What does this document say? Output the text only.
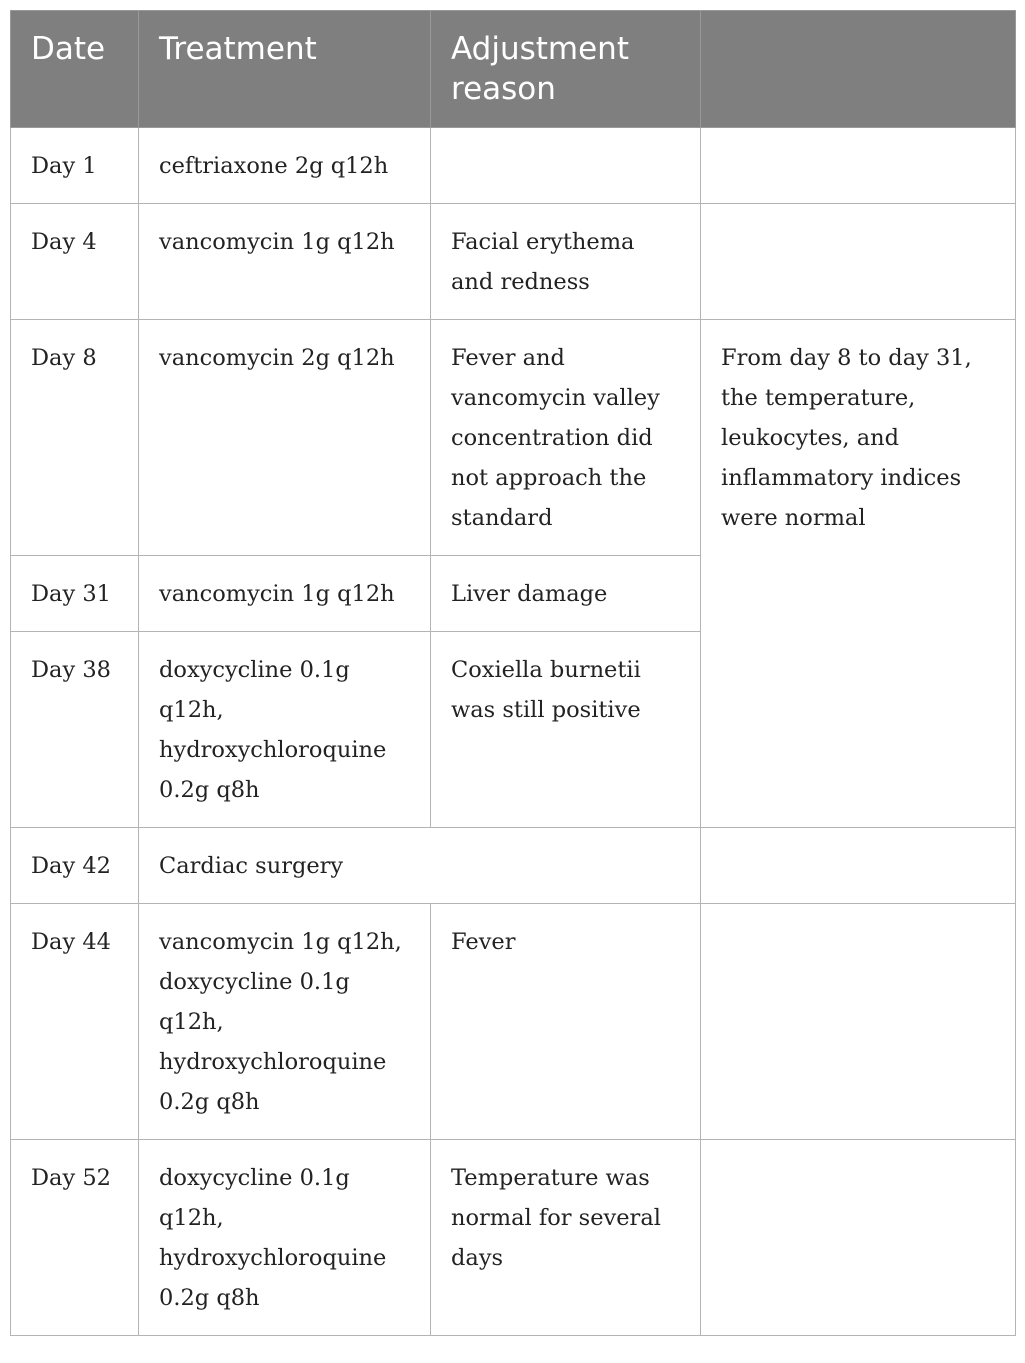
Date	Treatment	Adjustment reason	
Day 1	ceftriaxone 2g q12h		
Day 4	vancomycin 1g q12h	Facial erythema and redness	
Day 8	vancomycin 2g q12h	Fever and vancomycin valley concentration did not approach the standard	From day 8 to day 31, the temperature, leukocytes, and inflammatory indices were normal
Day 31	vancomycin 1g q12h	Liver damage	
Day 38	doxycycline 0.1g q12h, hydroxychloroquine 0.2g q8h	Coxiella burnetii was still positive	
Day 42	Cardiac surgery		
Day 44	vancomycin 1g q12h, doxycycline 0.1g q12h, hydroxychloroquine 0.2g q8h	Fever	
Day 52	doxycycline 0.1g q12h, hydroxychloroquine 0.2g q8h	Temperature was normal for several days	
